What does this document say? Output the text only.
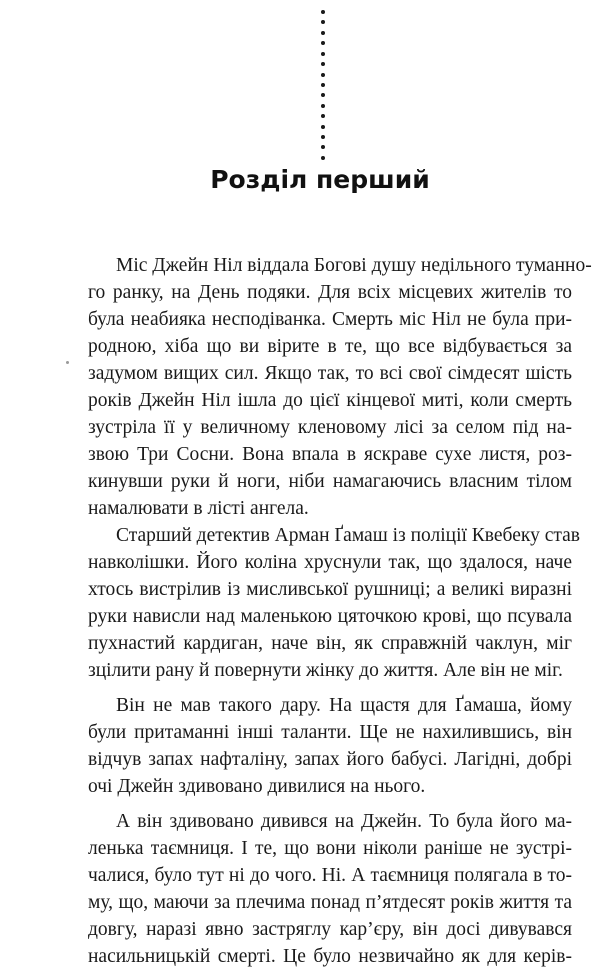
Розділ перший
Міс Джейн Ніл віддала Богові душу недільного туманно-
го ранку, на День подяки. Для всіх місцевих жителів то
була неабияка несподіванка. Смерть міс Ніл не була при-
родною, хіба що ви вірите в те, що все відбувається за
задумом вищих сил. Якщо так, то всі свої сімдесят шість
років Джейн Ніл ішла до цієї кінцевої миті, коли смерть
зустріла її у величному кленовому лісі за селом під на-
звою Три Сосни. Вона впала в яскраве сухе листя, роз-
кинувши руки й ноги, ніби намагаючись власним тілом
намалювати в лісті ангела.
Старший детектив Арман Ґамаш із поліції Квебеку став
навколішки. Його коліна хруснули так, що здалося, наче
хтось вистрілив із мисливської рушниці; а великі виразні
руки нависли над маленькою цяточкою крові, що псувала
пухнастий кардиган, наче він, як справжній чаклун, міг
зцілити рану й повернути жінку до життя. Але він не міг.
Він не мав такого дару. На щастя для Ґамаша, йому
були притаманні інші таланти. Ще не нахилившись, він
відчув запах нафталіну, запах його бабусі. Лагідні, добрі
очі Джейн здивовано дивилися на нього.
А він здивовано дивився на Джейн. То була його ма-
ленька таємниця. І те, що вони ніколи раніше не зустрі-
чалися, було тут ні до чого. Ні. А таємниця полягала в то-
му, що, маючи за плечима понад п’ятдесят років життя та
довгу, наразі явно застряглу кар’єру, він досі дивувався
насильницькій смерті. Це було незвичайно як для керів-
